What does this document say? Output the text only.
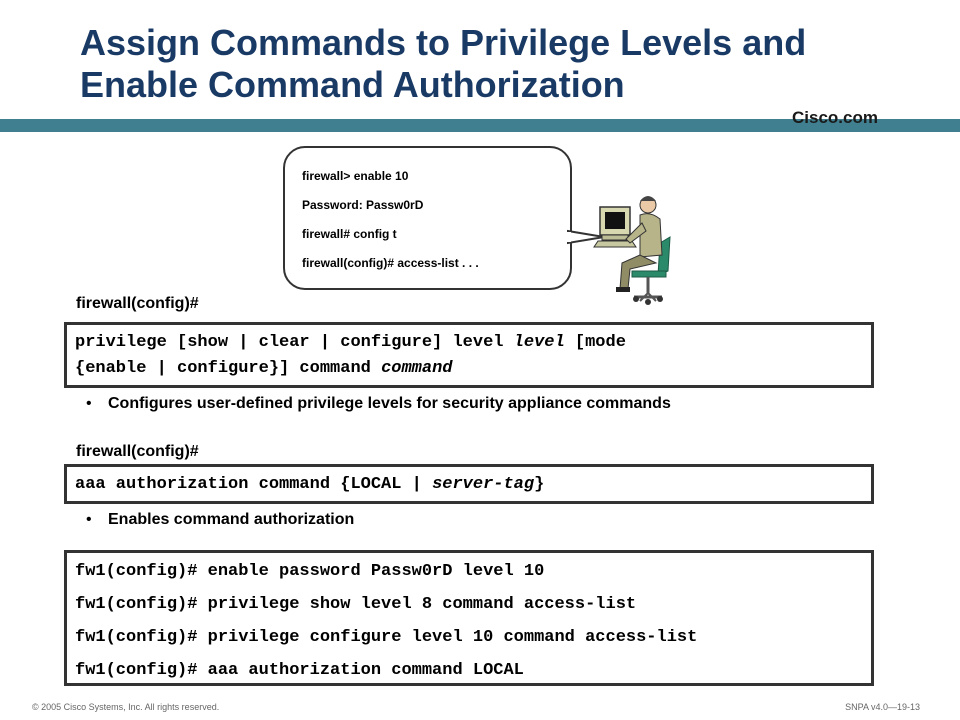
Assign Commands to Privilege Levels and
Enable Command Authorization
Cisco.com
firewall> enable 10
Password: Passw0rD
firewall# config t
firewall(config)# access-list . . .
firewall(config)#
privilege [show | clear | configure] level level [mode
{enable | configure}] command command
• Configures user-defined privilege levels for security appliance commands
firewall(config)#
aaa authorization command {LOCAL | server-tag}
• Enables command authorization
fw1(config)# enable password Passw0rD level 10
fw1(config)# privilege show level 8 command access-list
fw1(config)# privilege configure level 10 command access-list
fw1(config)# aaa authorization command LOCAL
© 2005 Cisco Systems, Inc. All rights reserved.	SNPA v4.0—19-13
